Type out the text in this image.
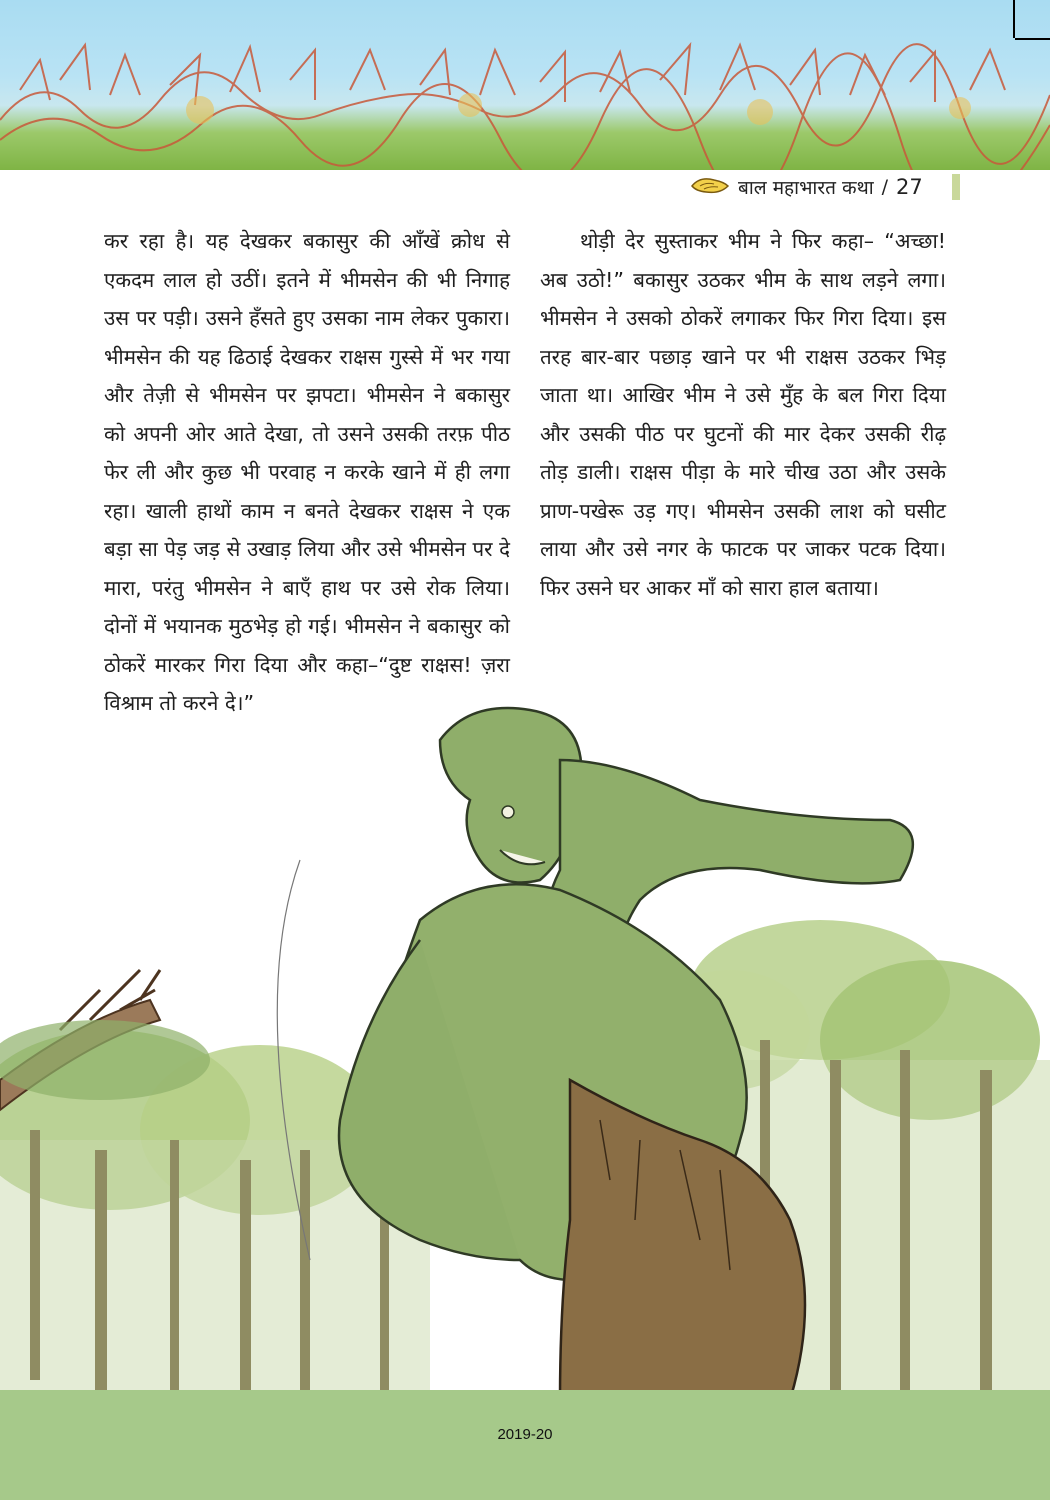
बाल महाभारत कथा / 27

कर रहा है। यह देखकर बकासुर की आँखें क्रोध से एकदम लाल हो उठीं। इतने में भीमसेन की भी निगाह उस पर पड़ी। उसने हँसते हुए उसका नाम लेकर पुकारा। भीमसेन की यह ढिठाई देखकर राक्षस गुस्से में भर गया और तेज़ी से भीमसेन पर झपटा। भीमसेन ने बकासुर को अपनी ओर आते देखा, तो उसने उसकी तरफ़ पीठ फेर ली और कुछ भी परवाह न करके खाने में ही लगा रहा। खाली हाथों काम न बनते देखकर राक्षस ने एक बड़ा सा पेड़ जड़ से उखाड़ लिया और उसे भीमसेन पर दे मारा, परंतु भीमसेन ने बाएँ हाथ पर उसे रोक लिया। दोनों में भयानक मुठभेड़ हो गई। भीमसेन ने बकासुर को ठोकरें मारकर गिरा दिया और कहा–“दुष्ट राक्षस! ज़रा विश्राम तो करने दे।”

थोड़ी देर सुस्ताकर भीम ने फिर कहा– “अच्छा! अब उठो!” बकासुर उठकर भीम के साथ लड़ने लगा। भीमसेन ने उसको ठोकरें लगाकर फिर गिरा दिया। इस तरह बार-बार पछाड़ खाने पर भी राक्षस उठकर भिड़ जाता था। आखिर भीम ने उसे मुँह के बल गिरा दिया और उसकी पीठ पर घुटनों की मार देकर उसकी रीढ़ तोड़ डाली। राक्षस पीड़ा के मारे चीख उठा और उसके प्राण-पखेरू उड़ गए। भीमसेन उसकी लाश को घसीट लाया और उसे नगर के फाटक पर जाकर पटक दिया। फिर उसने घर आकर माँ को सारा हाल बताया।

2019-20
